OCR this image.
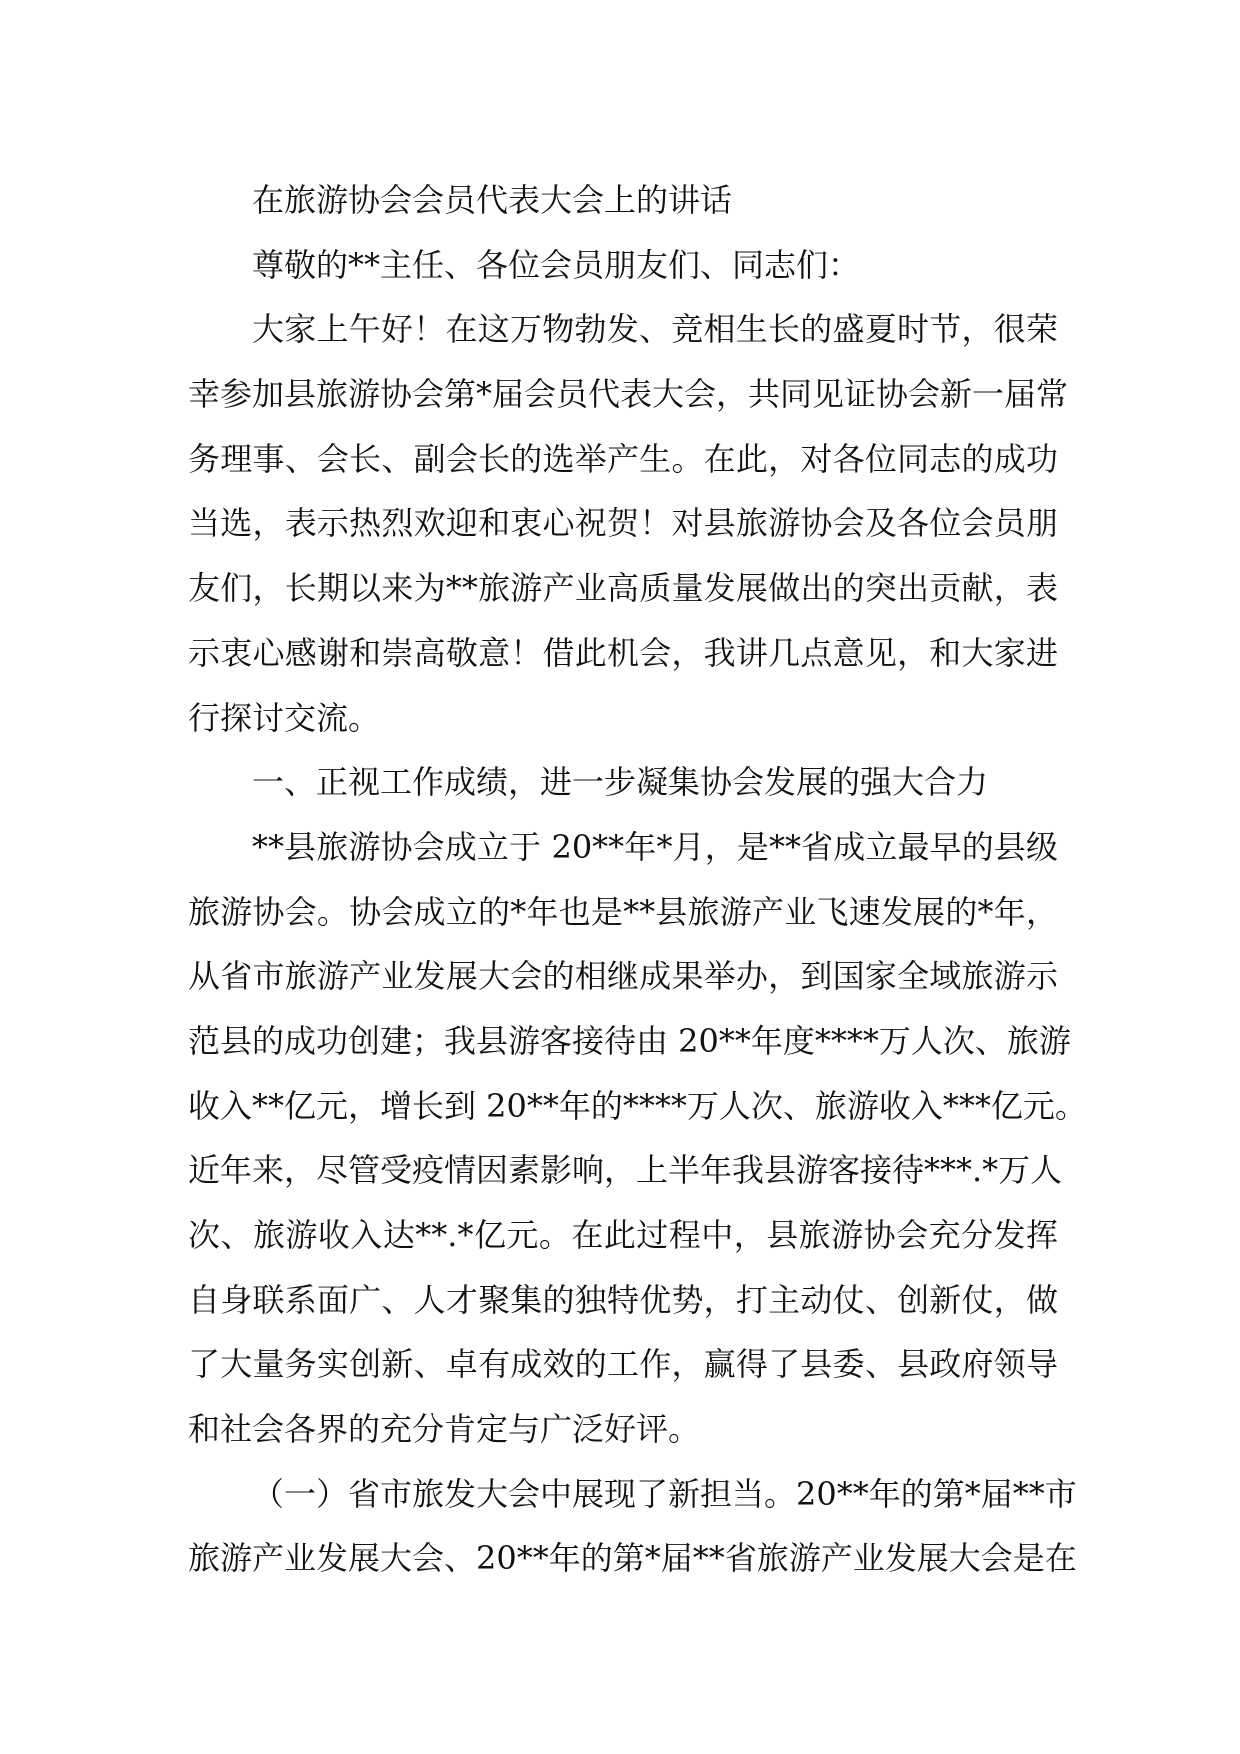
在旅游协会会员代表大会上的讲话
尊敬的**主任、各位会员朋友们、同志们：
大家上午好！在这万物勃发、竞相生长的盛夏时节，很荣
幸参加县旅游协会第*届会员代表大会，共同见证协会新一届常
务理事、会长、副会长的选举产生。在此，对各位同志的成功
当选，表示热烈欢迎和衷心祝贺！对县旅游协会及各位会员朋
友们，长期以来为**旅游产业高质量发展做出的突出贡献，表
示衷心感谢和崇高敬意！借此机会，我讲几点意见，和大家进
行探讨交流。
一、正视工作成绩，进一步凝集协会发展的强大合力
**县旅游协会成立于 20**年*月，是**省成立最早的县级
旅游协会。协会成立的*年也是**县旅游产业飞速发展的*年，
从省市旅游产业发展大会的相继成果举办，到国家全域旅游示
范县的成功创建；我县游客接待由 20**年度****万人次、旅游
收入**亿元，增长到 20**年的****万人次、旅游收入***亿元。
近年来，尽管受疫情因素影响，上半年我县游客接待***.*万人
次、旅游收入达**.*亿元。在此过程中，县旅游协会充分发挥
自身联系面广、人才聚集的独特优势，打主动仗、创新仗，做
了大量务实创新、卓有成效的工作，赢得了县委、县政府领导
和社会各界的充分肯定与广泛好评。
（一）省市旅发大会中展现了新担当。20**年的第*届**市
旅游产业发展大会、20**年的第*届**省旅游产业发展大会是在
